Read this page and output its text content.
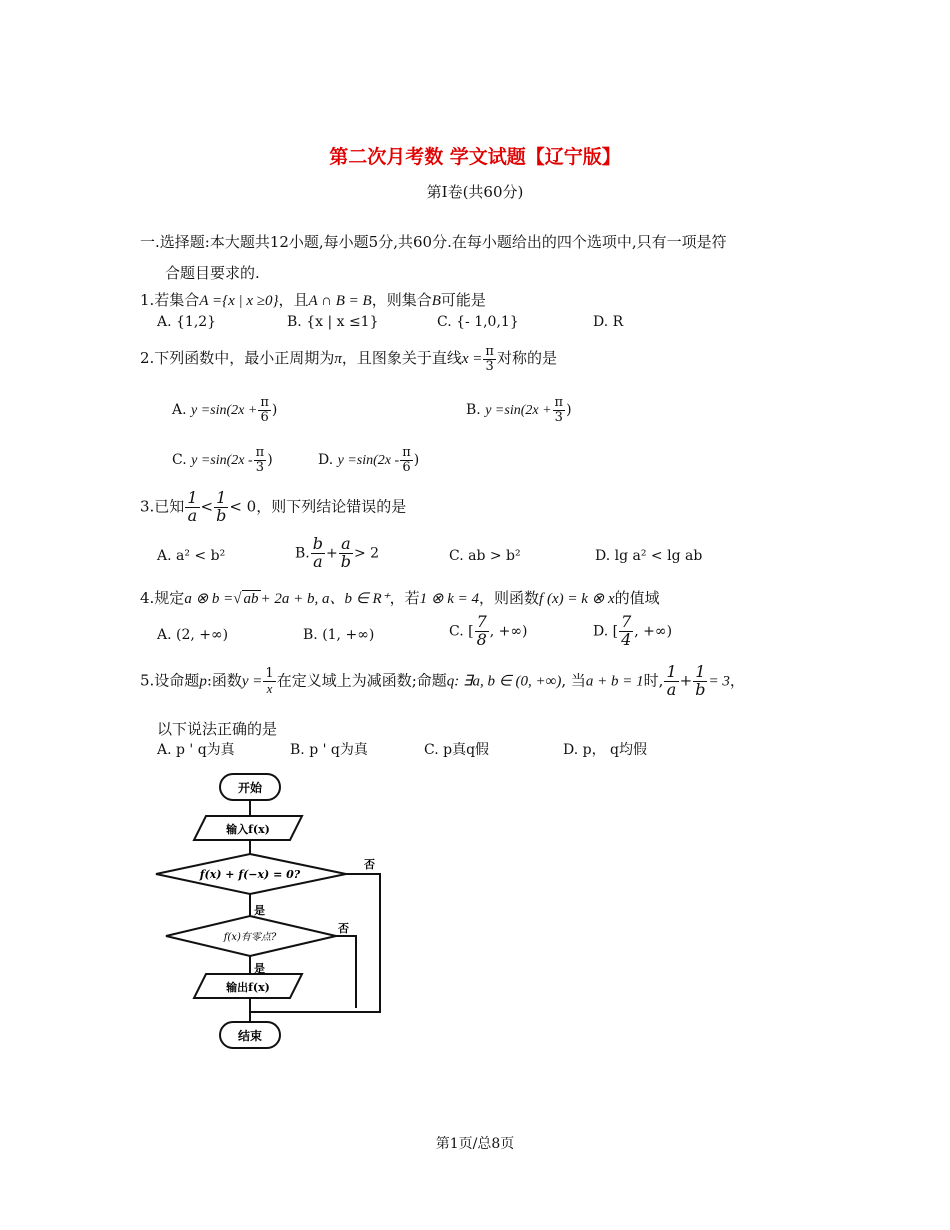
第二次月考数 学文试题【辽宁版】
第Ⅰ卷(共60分)
一.选择题:本大题共12小题,每小题5分,共60分.在每小题给出的四个选项中,只有一项是符
合题目要求的.
1.若集合A ={x | x ≥0}，且A ∩ B = B，则集合B可能是
A. {1,2}	B. {x | x ≤1}	C. {- 1,0,1}	D. R
2.下列函数中，最小正周期为π，且图象关于直线$x = \frac{\pi}{3}$ 对称的是
A. $y =\sin(2x + \frac{\pi}{6}$ )	B. $y =\sin(2x + \frac{\pi}{3}$ )
C. $y =\sin(2x - \frac{\pi}{3}$ )	D. $y =\sin(2x - \frac{\pi}{6}$ )
3.已知 $\frac{1}{a} < \frac{1}{b} < 0$，则下列结论错误的是
A. a² < b²	B. $\frac{b}{a} + \frac{a}{b} > 2$	C. ab > b²	D. lg a² < lg ab
4.规定a ⊗ b =√ ab + 2a + b, a、b ∈ R⁺，若1 ⊗ k = 4，则函数f (x) = k ⊗ x的值域
A. (2, +∞)	B. (1, +∞)	C. [ $\frac{7}{8}$ , +∞)	D. [ $\frac{7}{4}$ , +∞)
5.设命题p:函数$y = \frac{1}{x}$ 在定义域上为减函数;命题q: ∃a, b ∈ (0, +∞), 当a + b = 1时, $\frac{1}{a} + \frac{1}{b} = 3$，
以下说法正确的是
A. p ' q为真	B. p ' q为真	C. p真q假	D. p， q均假
开始
输入f(x)
f(x) + f(−x) = 0?
f(x)有零点?
输出f(x)
结束
是
是
否
否
第1页/总8页
